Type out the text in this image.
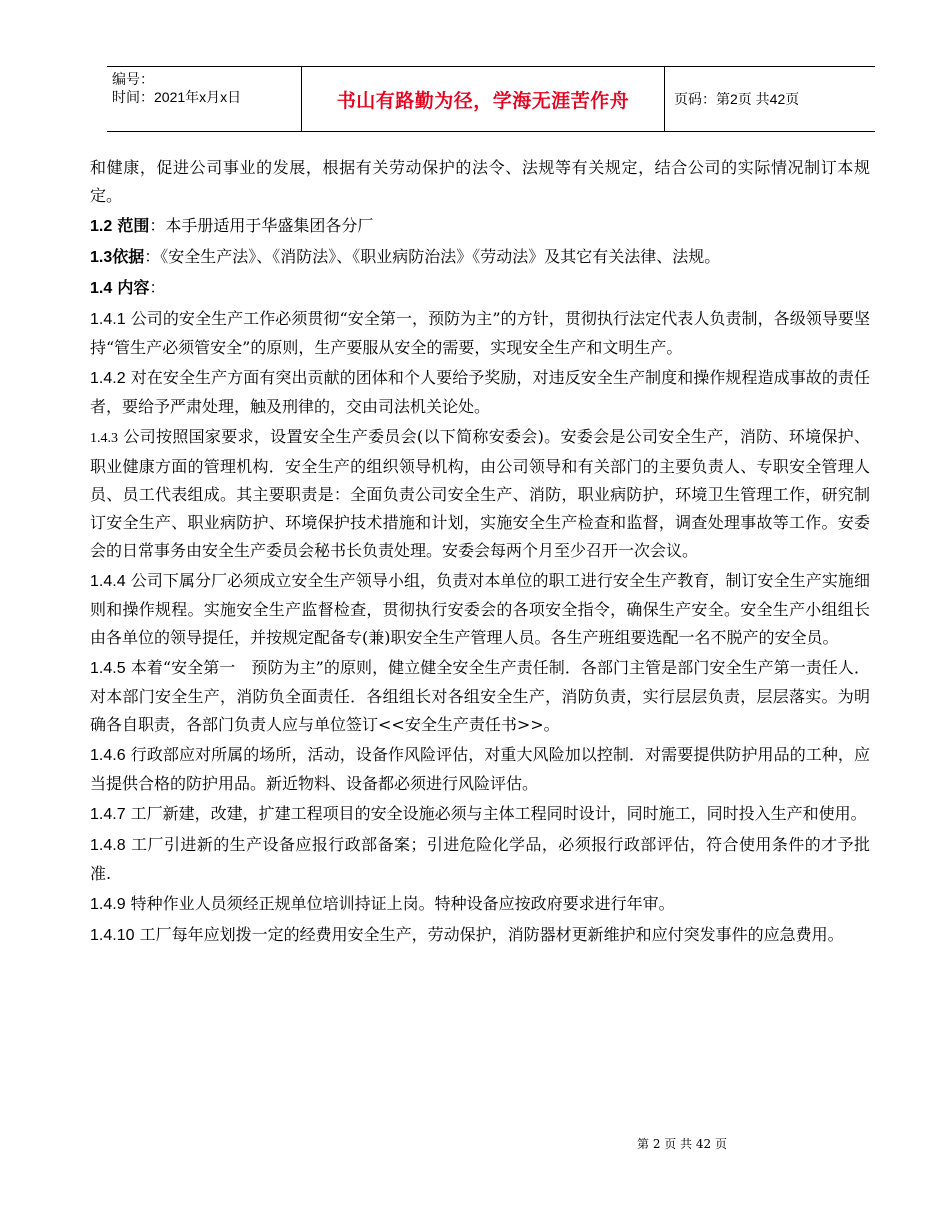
编号：
时间：2021年x月x日	书山有路勤为径，学海无涯苦作舟	页码：第2页 共42页

和健康，促进公司事业的发展，根据有关劳动保护的法令、法规等有关规定，结合公司的实际情况制订本规定。

1.2 范围：本手册适用于华盛集团各分厂

1.3依据：《安全生产法》、《消防法》、《职业病防治法》《劳动法》及其它有关法律、法规。

1.4 内容：

1.4.1 公司的安全生产工作必须贯彻“安全第一，预防为主”的方针，贯彻执行法定代表人负责制，各级领导要坚持“管生产必须管安全”的原则，生产要服从安全的需要，实现安全生产和文明生产。

1.4.2 对在安全生产方面有突出贡献的团体和个人要给予奖励，对违反安全生产制度和操作规程造成事故的责任者，要给予严肃处理，触及刑律的，交由司法机关论处。

1.4.3 公司按照国家要求，设置安全生产委员会(以下简称安委会)。安委会是公司安全生产，消防、环境保护、职业健康方面的管理机构．安全生产的组织领导机构，由公司领导和有关部门的主要负责人、专职安全管理人员、员工代表组成。其主要职责是：全面负责公司安全生产、消防，职业病防护，环境卫生管理工作，研究制订安全生产、职业病防护、环境保护技术措施和计划，实施安全生产检查和监督，调查处理事故等工作。安委会的日常事务由安全生产委员会秘书长负责处理。安委会每两个月至少召开一次会议。

1.4.4 公司下属分厂必须成立安全生产领导小组，负责对本单位的职工进行安全生产教育，制订安全生产实施细则和操作规程。实施安全生产监督检查，贯彻执行安委会的各项安全指令，确保生产安全。安全生产小组组长由各单位的领导提任，并按规定配备专(兼)职安全生产管理人员。各生产班组要选配一名不脱产的安全员。

1.4.5 本着“安全第一　预防为主”的原则，健立健全安全生产责任制．各部门主管是部门安全生产第一责任人．对本部门安全生产，消防负全面责任．各组组长对各组安全生产，消防负责，实行层层负责，层层落实。为明确各自职责，各部门负责人应与单位签订<<安全生产责任书>>。

1.4.6 行政部应对所属的场所，活动，设备作风险评估，对重大风险加以控制．对需要提供防护用品的工种，应当提供合格的防护用品。新近物料、设备都必须进行风险评估。

1.4.7 工厂新建，改建，扩建工程项目的安全设施必须与主体工程同时设计，同时施工，同时投入生产和使用。

1.4.8 工厂引进新的生产设备应报行政部备案；引进危险化学品，必须报行政部评估，符合使用条件的才予批准.

1.4.9 特种作业人员须经正规单位培训持证上岗。特种设备应按政府要求进行年审。

1.4.10 工厂每年应划拨一定的经费用安全生产，劳动保护，消防器材更新维护和应付突发事件的应急费用。

第 2 页 共 42 页
